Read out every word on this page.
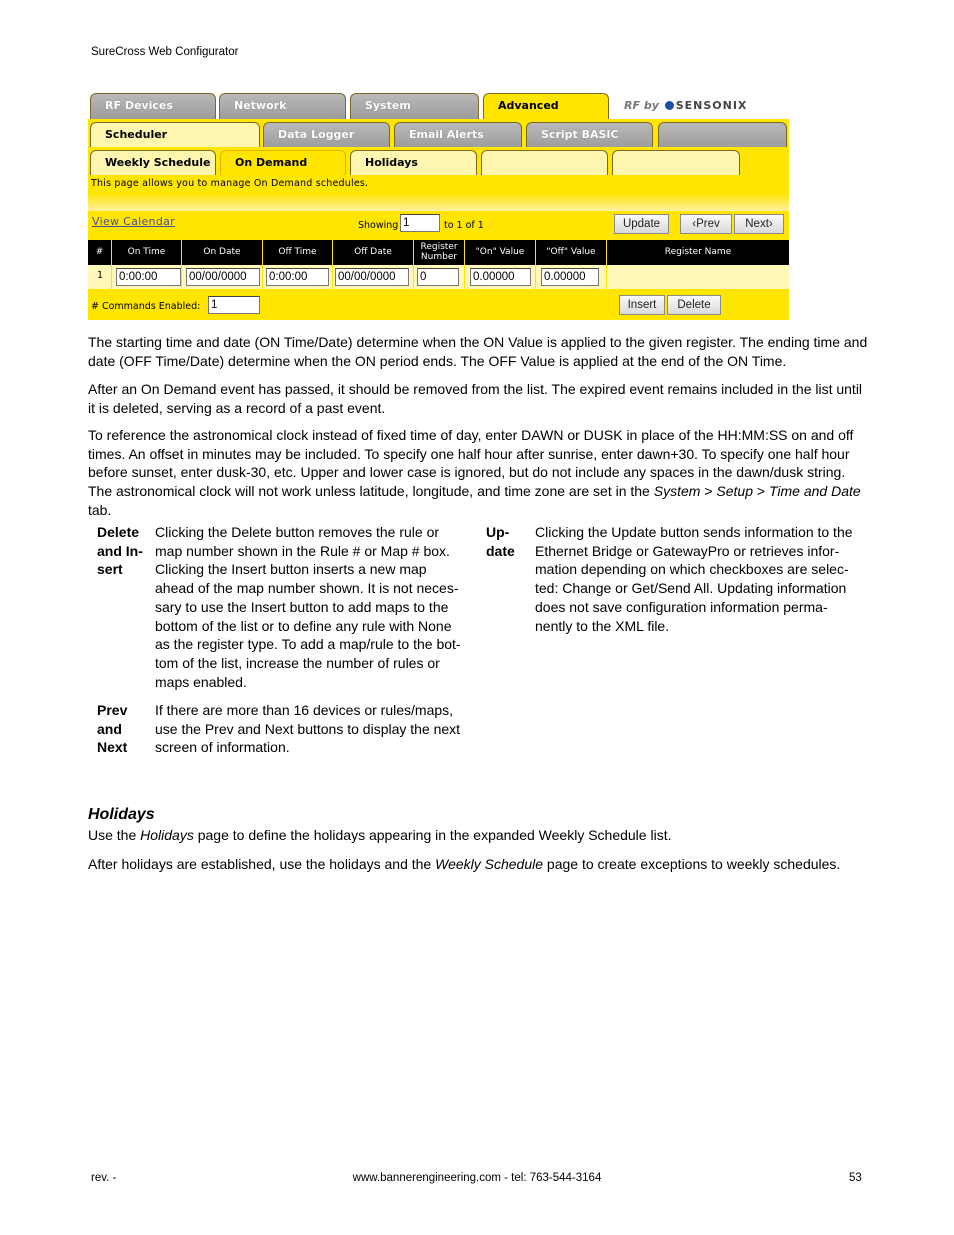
SureCross Web Configurator
RF Devices	Network	System	Advanced	RF by SENSONIX
Scheduler	Data Logger	Email Alerts	Script BASIC
Weekly Schedule	On Demand	Holidays
This page allows you to manage On Demand schedules.
View Calendar	Showing 1	to 1 of 1	Update	‹Prev	Next›
#	On Time	On Date	Off Time	Off Date	Register Number	"On" Value	"Off" Value	Register Name
1 0:00:00	00/00/0000	0:00:00	00/00/0000	0	0.00000	0.00000
# Commands Enabled: 1	Insert	Delete

The starting time and date (ON Time/Date) determine when the ON Value is applied to the given register. The ending time and date (OFF Time/Date) determine when the ON period ends. The OFF Value is applied at the end of the ON Time.

After an On Demand event has passed, it should be removed from the list. The expired event remains included in the list until it is deleted, serving as a record of a past event.

To reference the astronomical clock instead of fixed time of day, enter DAWN or DUSK in place of the HH:MM:SS on and off times. An offset in minutes may be included. To specify one half hour after sunrise, enter dawn+30. To specify one half hour before sunset, enter dusk-30, etc. Upper and lower case is ignored, but do not include any spaces in the dawn/dusk string. The astronomical clock will not work unless latitude, longitude, and time zone are set in the System > Setup > Time and Date tab.

Delete
and In-
sert
Clicking the Delete button removes the rule or
map number shown in the Rule # or Map # box.
Clicking the Insert button inserts a new map
ahead of the map number shown. It is not neces-
sary to use the Insert button to add maps to the
bottom of the list or to define any rule with None
as the register type. To add a map/rule to the bot-
tom of the list, increase the number of rules or
maps enabled.
Prev
and
Next
If there are more than 16 devices or rules/maps,
use the Prev and Next buttons to display the next
screen of information.
Up-
date
Clicking the Update button sends information to the
Ethernet Bridge or GatewayPro or retrieves infor-
mation depending on which checkboxes are selec-
ted: Change or Get/Send All. Updating information
does not save configuration information perma-
nently to the XML file.
Holidays

Use the Holidays page to define the holidays appearing in the expanded Weekly Schedule list.

After holidays are established, use the holidays and the Weekly Schedule page to create exceptions to weekly schedules.

rev. -	www.bannerengineering.com - tel: 763-544-3164	53
